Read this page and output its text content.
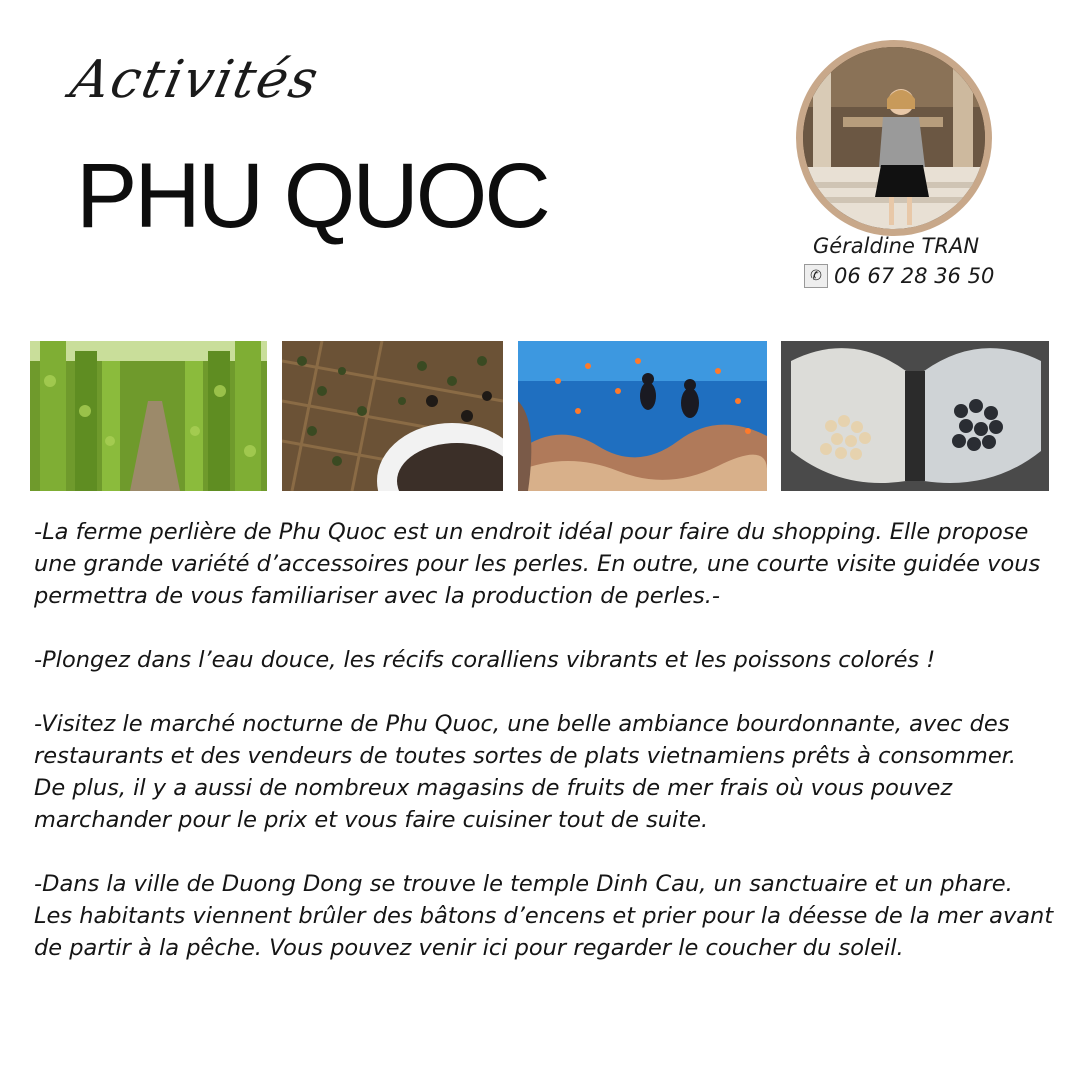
Activités
PHU QUOC	Géraldine TRAN
✆ 06 67 28 36 50

-La ferme perlière de Phu Quoc est un endroit idéal pour faire du shopping. Elle propose une grande variété d’accessoires pour les perles. En outre, une courte visite guidée vous permettra de vous familiariser avec la production de perles.-

-Plongez dans l’eau douce, les récifs coralliens vibrants et les poissons colorés !

-Visitez le marché nocturne de Phu Quoc, une belle ambiance bourdonnante, avec des restaurants et des vendeurs de toutes sortes de plats vietnamiens prêts à consommer. De plus, il y a aussi de nombreux magasins de fruits de mer frais où vous pouvez marchander pour le prix et vous faire cuisiner tout de suite.

-Dans la ville de Duong Dong se trouve le temple Dinh Cau, un sanctuaire et un phare. Les habitants viennent brûler des bâtons d’encens et prier pour la déesse de la mer avant de partir à la pêche. Vous pouvez venir ici pour regarder le coucher du soleil.
